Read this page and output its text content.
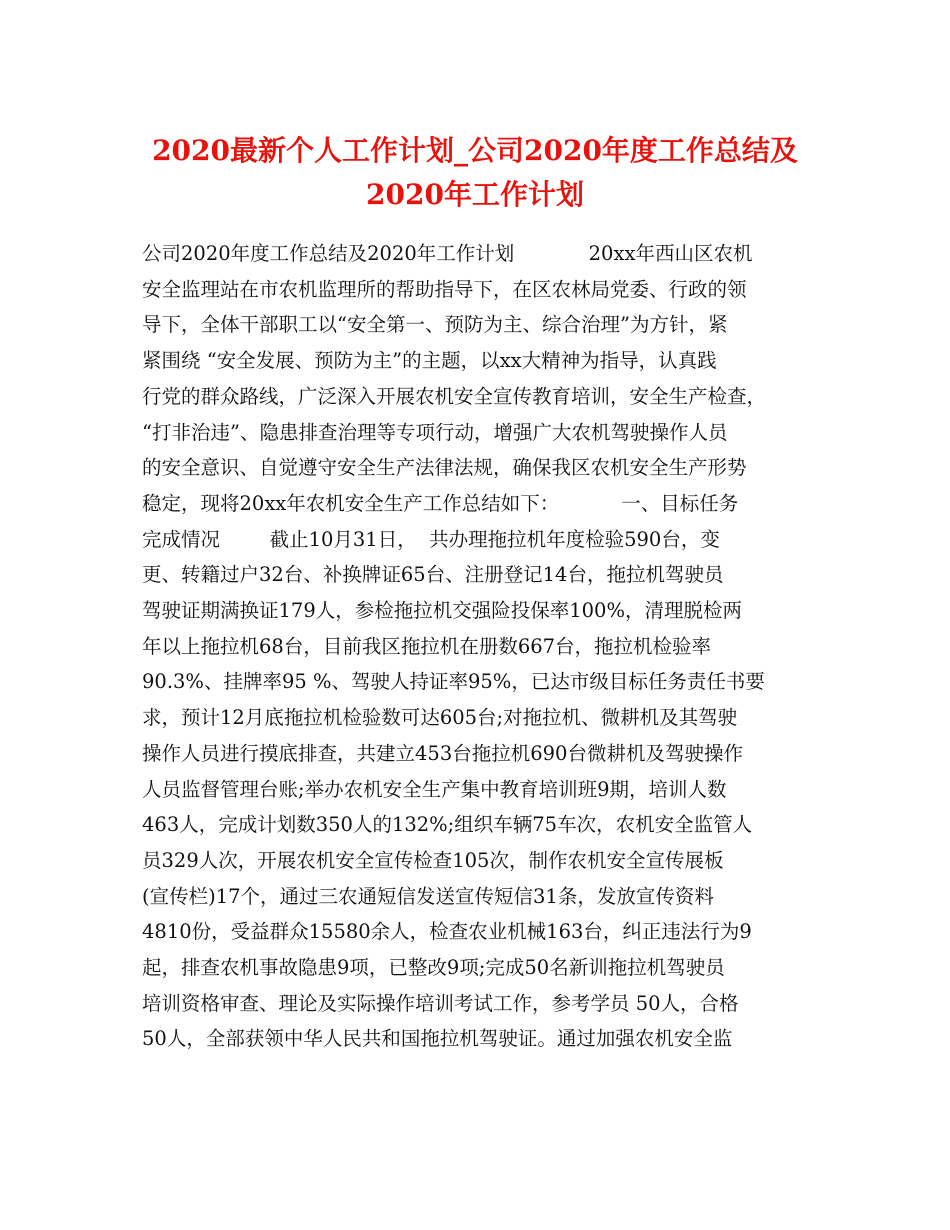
2020最新个人工作计划_公司2020年度工作总结及
2020年工作计划
公司2020年度工作总结及2020年工作计划            20xx年西山区农机
安全监理站在市农机监理所的帮助指导下，在区农林局党委、行政的领
导下，全体干部职工以“安全第一、预防为主、综合治理”为方针，紧
紧围绕 “安全发展、预防为主”的主题，以xx大精神为指导，认真践
行党的群众路线，广泛深入开展农机安全宣传教育培训，安全生产检查，
“打非治违”、隐患排查治理等专项行动，增强广大农机驾驶操作人员
的安全意识、自觉遵守安全生产法律法规，确保我区农机安全生产形势
稳定，现将20xx年农机安全生产工作总结如下：          一、目标任务
完成情况        截止10月31日，  共办理拖拉机年度检验590台，变
更、转籍过户32台、补换牌证65台、注册登记14台，拖拉机驾驶员
驾驶证期满换证179人，参检拖拉机交强险投保率100%，清理脱检两
年以上拖拉机68台，目前我区拖拉机在册数667台，拖拉机检验率
90.3%、挂牌率95 %、驾驶人持证率95%，已达市级目标任务责任书要
求，预计12月底拖拉机检验数可达605台;对拖拉机、微耕机及其驾驶
操作人员进行摸底排查，共建立453台拖拉机690台微耕机及驾驶操作
人员监督管理台账;举办农机安全生产集中教育培训班9期，培训人数
463人，完成计划数350人的132%;组织车辆75车次，农机安全监管人
员329人次，开展农机安全宣传检查105次，制作农机安全宣传展板
(宣传栏)17个，通过三农通短信发送宣传短信31条，发放宣传资料
4810份，受益群众15580余人，检查农业机械163台，纠正违法行为9
起，排查农机事故隐患9项，已整改9项;完成50名新训拖拉机驾驶员
培训资格审查、理论及实际操作培训考试工作，参考学员 50人，合格
50人，全部获领中华人民共和国拖拉机驾驶证。通过加强农机安全监
